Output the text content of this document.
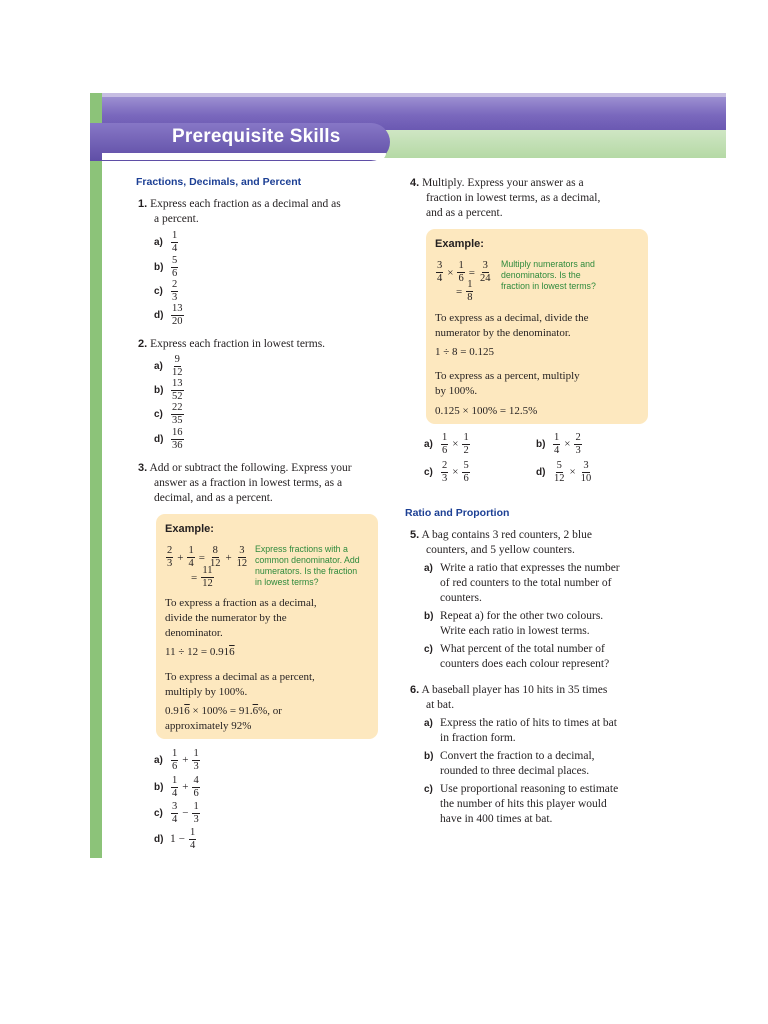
Prerequisite Skills
Fractions, Decimals, and Percent
1. Express each fraction as a decimal and as
a percent.
$a) \frac{1}{4}$
$b) \frac{5}{6}$
$c) \frac{2}{3}$
$d) \frac{13}{20}$
2. Express each fraction in lowest terms.
$a) \frac{9}{12}$
$b) \frac{13}{52}$
$c) \frac{22}{35}$
$d) \frac{16}{36}$
3. Add or subtract the following. Express your
answer as a fraction in lowest terms, as a
decimal, and as a percent.
Example:
$\frac{2}{3} + \frac{1}{4} = \frac{8}{12} + \frac{3}{12}$
= $\frac{11}{12}$
Express fractions with a
common denominator. Add
numerators. Is the fraction
in lowest terms?
To express a fraction as a decimal,
divide the numerator by the
denominator.
11 ÷ 12 = 0.916
To express a decimal as a percent,
multiply by 100%.
0.916 × 100% = 91.6%, or
approximately 92%
$a) \frac{1}{6} + \frac{1}{3}$
$b) \frac{1}{4} + \frac{4}{6}$
$c) \frac{3}{4} - \frac{1}{3}$
d) $1 - \frac{1}{4}$
4. Multiply. Express your answer as a
fraction in lowest terms, as a decimal,
and as a percent.
Example:
$\frac{3}{4} \times \frac{1}{6} = \frac{3}{24}$
= $\frac{1}{8}$
Multiply numerators and
denominators. Is the
fraction in lowest terms?
To express as a decimal, divide the
numerator by the denominator.
1 ÷ 8 = 0.125
To express as a percent, multiply
by 100%.
0.125 × 100% = 12.5%
$a) \frac{1}{6} \times \frac{1}{2}$	$b) \frac{1}{4} \times \frac{2}{3}$
$c) \frac{2}{3} \times \frac{5}{6}$	$d) \frac{5}{12} \times \frac{3}{10}$
Ratio and Proportion
5. A bag contains 3 red counters, 2 blue
counters, and 5 yellow counters.
a) Write a ratio that expresses the number
of red counters to the total number of
counters.
b) Repeat a) for the other two colours.
Write each ratio in lowest terms.
c) What percent of the total number of
counters does each colour represent?
6. A baseball player has 10 hits in 35 times
at bat.
a) Express the ratio of hits to times at bat
in fraction form.
b) Convert the fraction to a decimal,
rounded to three decimal places.
c) Use proportional reasoning to estimate
the number of hits this player would
have in 400 times at bat.
